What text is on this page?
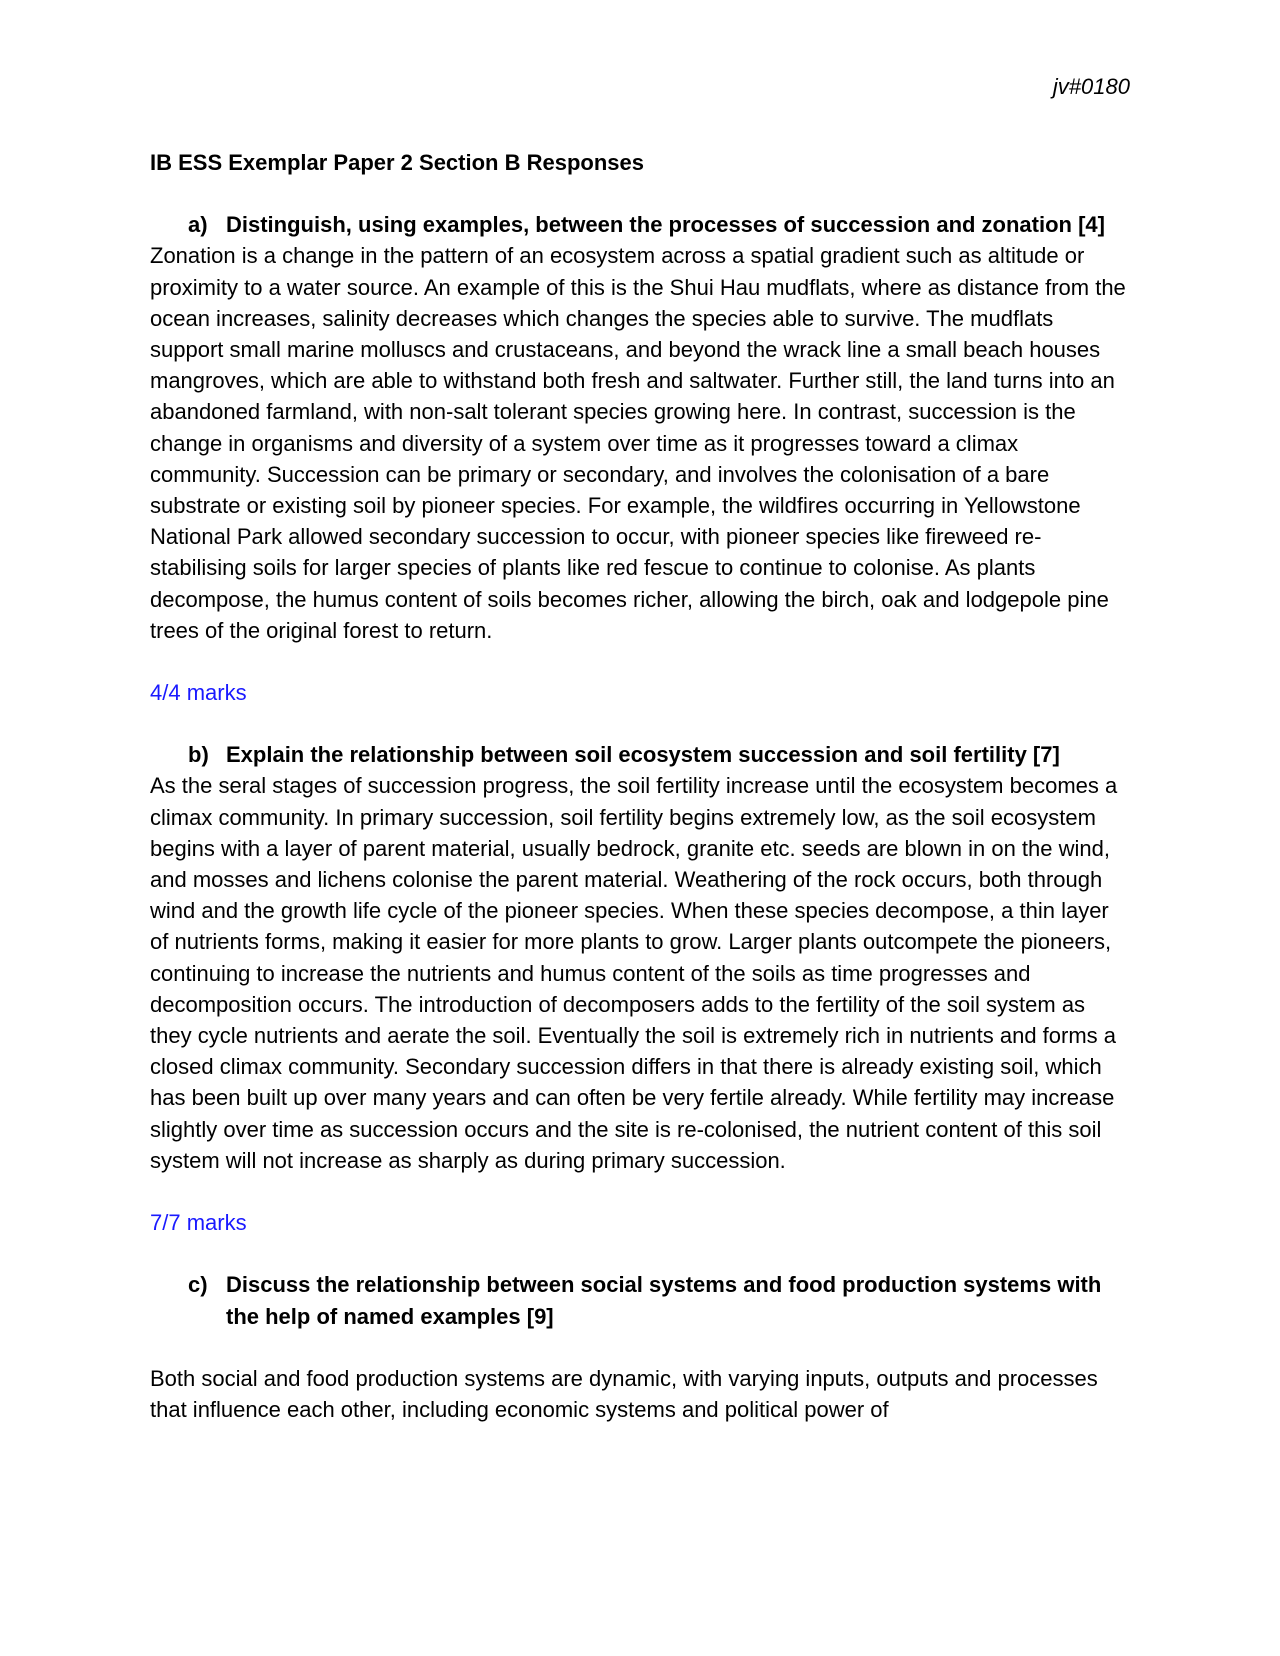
jv#0180

IB ESS Exemplar Paper 2 Section B Responses

a) Distinguish, using examples, between the processes of succession and zonation [4]

Zonation is a change in the pattern of an ecosystem across a spatial gradient such as altitude or proximity to a water source. An example of this is the Shui Hau mudflats, where as distance from the ocean increases, salinity decreases which changes the species able to survive. The mudflats support small marine molluscs and crustaceans, and beyond the wrack line a small beach houses mangroves, which are able to withstand both fresh and saltwater. Further still, the land turns into an abandoned farmland, with non-salt tolerant species growing here. In contrast, succession is the change in organisms and diversity of a system over time as it progresses toward a climax community. Succession can be primary or secondary, and involves the colonisation of a bare substrate or existing soil by pioneer species. For example, the wildfires occurring in Yellowstone National Park allowed secondary succession to occur, with pioneer species like fireweed re-stabilising soils for larger species of plants like red fescue to continue to colonise. As plants decompose, the humus content of soils becomes richer, allowing the birch, oak and lodgepole pine trees of the original forest to return.

4/4 marks

b) Explain the relationship between soil ecosystem succession and soil fertility [7]

As the seral stages of succession progress, the soil fertility increase until the ecosystem becomes a climax community. In primary succession, soil fertility begins extremely low, as the soil ecosystem begins with a layer of parent material, usually bedrock, granite etc. seeds are blown in on the wind, and mosses and lichens colonise the parent material. Weathering of the rock occurs, both through wind and the growth life cycle of the pioneer species. When these species decompose, a thin layer of nutrients forms, making it easier for more plants to grow. Larger plants outcompete the pioneers, continuing to increase the nutrients and humus content of the soils as time progresses and decomposition occurs. The introduction of decomposers adds to the fertility of the soil system as they cycle nutrients and aerate the soil. Eventually the soil is extremely rich in nutrients and forms a closed climax community. Secondary succession differs in that there is already existing soil, which has been built up over many years and can often be very fertile already. While fertility may increase slightly over time as succession occurs and the site is re-colonised, the nutrient content of this soil system will not increase as sharply as during primary succession.

7/7 marks

c) Discuss the relationship between social systems and food production systems with the help of named examples [9]

Both social and food production systems are dynamic, with varying inputs, outputs and processes that influence each other, including economic systems and political power of
